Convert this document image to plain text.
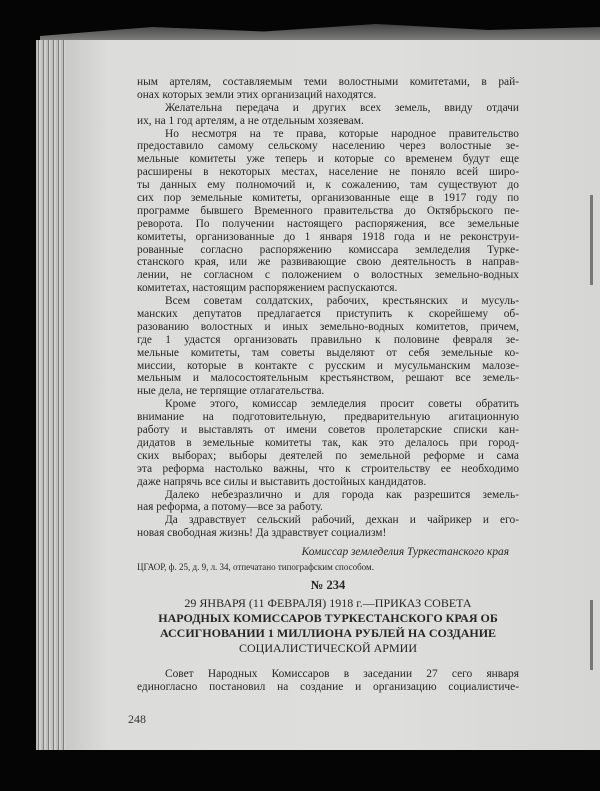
ным артелям, составляемым теми волостными комитетами, в рай-
онах которых земли этих организаций находятся.
Желательна передача и других всех земель, ввиду отдачи
их, на 1 год артелям, а не отдельным хозяевам.
Но несмотря на те права, которые народное правительство
предоставило самому сельскому населению через волостные зе-
мельные комитеты уже теперь и которые со временем будут еще
расширены в некоторых местах, население не поняло всей широ-
ты данных ему полномочий и, к сожалению, там существуют до
сих пор земельные комитеты, организованные еще в 1917 году по
программе бывшего Временного правительства до Октябрьского пе-
реворота. По получении настоящего распоряжения, все земельные
комитеты, организованные до 1 января 1918 года и не реконструи-
рованные согласно распоряжению комиссара земледелия Турке-
станского края, или же развивающие свою деятельность в направ-
лении, не согласном с положением о волостных земельно-водных
комитетах, настоящим распоряжением распускаются.
Всем советам солдатских, рабочих, крестьянских и мусуль-
манских депутатов предлагается приступить к скорейшему об-
разованию волостных и иных земельно-водных комитетов, причем,
где 1 удастся организовать правильно к половине февраля зе-
мельные комитеты, там советы выделяют от себя земельные ко-
миссии, которые в контакте с русским и мусульманским малозе-
мельным и малосостоятельным крестьянством, решают все земель-
ные дела, не терпящие отлагательства.
Кроме этого, комиссар земледелия просит советы обратить
внимание на подготовительную, предварительную агитационную
работу и выставлять от имени советов пролетарские списки кан-
дидатов в земельные комитеты так, как это делалось при город-
ских выборах; выборы деятелей по земельной реформе и сама
эта реформа настолько важны, что к строительству ее необходимо
даже напрячь все силы и выставить достойных кандидатов.
Далеко небезразлично и для города как разрешится земель-
ная реформа, а потому—все за работу.
Да здравствует сельский рабочий, дехкан и чайрикер и его-
новая свободная жизнь! Да здравствует социализм!
Комиссар земледелия Туркестанского края
ЦГАОР, ф. 25, д. 9, л. 34, отпечатано типографским способом.
№ 234
29 ЯНВАРЯ (11 ФЕВРАЛЯ) 1918 г.—ПРИКАЗ СОВЕТА
НАРОДНЫХ КОМИССАРОВ ТУРКЕСТАНСКОГО КРАЯ ОБ
АССИГНОВАНИИ 1 МИЛЛИОНА РУБЛЕЙ НА СОЗДАНИЕ
СОЦИАЛИСТИЧЕСКОЙ АРМИИ
Совет Народных Комиссаров в заседании 27 сего января
единогласно постановил на создание и организацию социалистиче-
248
